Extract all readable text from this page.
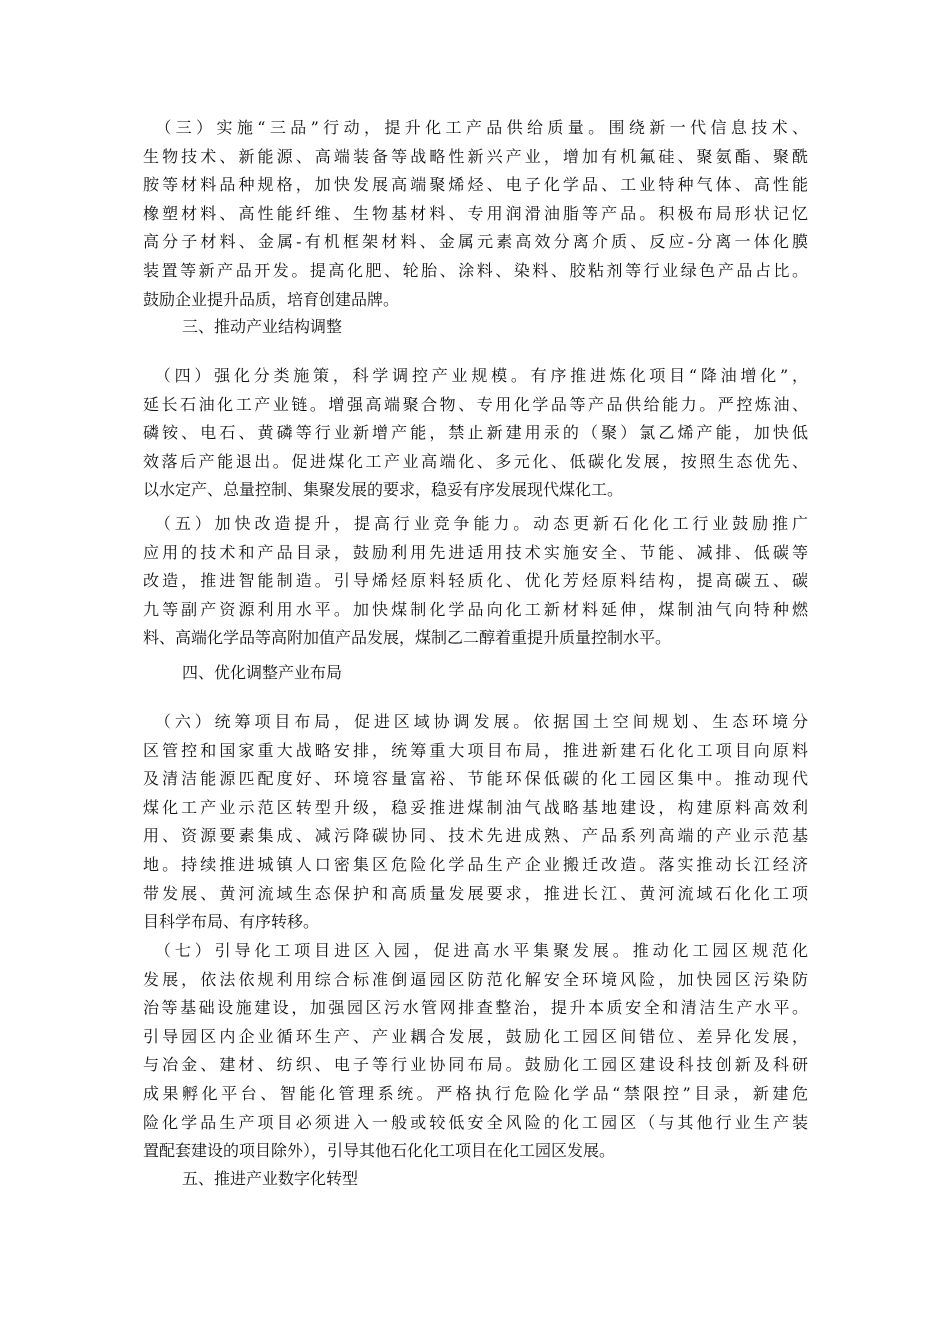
　（三）实施“三品”行动，提升化工产品供给质量。围绕新一代信息技术、
生物技术、新能源、高端装备等战略性新兴产业，增加有机氟硅、聚氨酯、聚酰
胺等材料品种规格，加快发展高端聚烯烃、电子化学品、工业特种气体、高性能
橡塑材料、高性能纤维、生物基材料、专用润滑油脂等产品。积极布局形状记忆
高分子材料、金属-有机框架材料、金属元素高效分离介质、反应-分离一体化膜
装置等新产品开发。提高化肥、轮胎、涂料、染料、胶粘剂等行业绿色产品占比。
鼓励企业提升品质，培育创建品牌。
三、推动产业结构调整
　（四）强化分类施策，科学调控产业规模。有序推进炼化项目“降油增化”，
延长石油化工产业链。增强高端聚合物、专用化学品等产品供给能力。严控炼油、
磷铵、电石、黄磷等行业新增产能，禁止新建用汞的（聚）氯乙烯产能，加快低
效落后产能退出。促进煤化工产业高端化、多元化、低碳化发展，按照生态优先、
以水定产、总量控制、集聚发展的要求，稳妥有序发展现代煤化工。
　（五）加快改造提升，提高行业竞争能力。动态更新石化化工行业鼓励推广
应用的技术和产品目录，鼓励利用先进适用技术实施安全、节能、减排、低碳等
改造，推进智能制造。引导烯烃原料轻质化、优化芳烃原料结构，提高碳五、碳
九等副产资源利用水平。加快煤制化学品向化工新材料延伸，煤制油气向特种燃
料、高端化学品等高附加值产品发展，煤制乙二醇着重提升质量控制水平。
四、优化调整产业布局
　（六）统筹项目布局，促进区域协调发展。依据国土空间规划、生态环境分
区管控和国家重大战略安排，统筹重大项目布局，推进新建石化化工项目向原料
及清洁能源匹配度好、环境容量富裕、节能环保低碳的化工园区集中。推动现代
煤化工产业示范区转型升级，稳妥推进煤制油气战略基地建设，构建原料高效利
用、资源要素集成、减污降碳协同、技术先进成熟、产品系列高端的产业示范基
地。持续推进城镇人口密集区危险化学品生产企业搬迁改造。落实推动长江经济
带发展、黄河流域生态保护和高质量发展要求，推进长江、黄河流域石化化工项
目科学布局、有序转移。
　（七）引导化工项目进区入园，促进高水平集聚发展。推动化工园区规范化
发展，依法依规利用综合标准倒逼园区防范化解安全环境风险，加快园区污染防
治等基础设施建设，加强园区污水管网排查整治，提升本质安全和清洁生产水平。
引导园区内企业循环生产、产业耦合发展，鼓励化工园区间错位、差异化发展，
与冶金、建材、纺织、电子等行业协同布局。鼓励化工园区建设科技创新及科研
成果孵化平台、智能化管理系统。严格执行危险化学品“禁限控”目录，新建危
险化学品生产项目必须进入一般或较低安全风险的化工园区（与其他行业生产装
置配套建设的项目除外），引导其他石化化工项目在化工园区发展。
五、推进产业数字化转型
